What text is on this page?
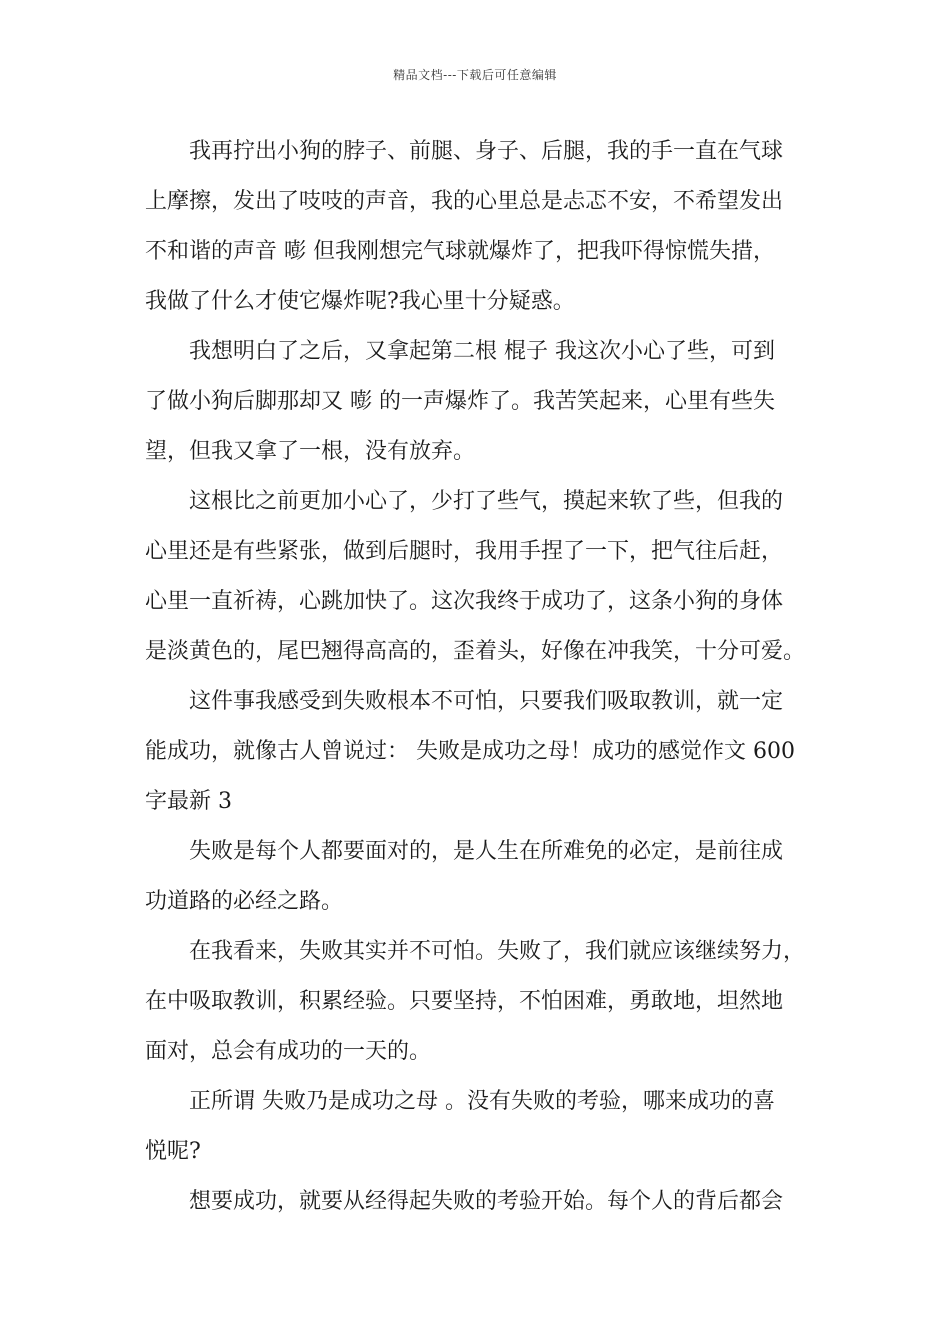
精品文档---下载后可任意编辑
我再拧出小狗的脖子、前腿、身子、后腿，我的手一直在气球
上摩擦，发出了吱吱的声音，我的心里总是忐忑不安，不希望发出
不和谐的声音 嘭 但我刚想完气球就爆炸了，把我吓得惊慌失措，
我做了什么才使它爆炸呢?我心里十分疑惑。
我想明白了之后，又拿起第二根 棍子 我这次小心了些，可到
了做小狗后脚那却又 嘭 的一声爆炸了。我苦笑起来，心里有些失
望，但我又拿了一根，没有放弃。
这根比之前更加小心了，少打了些气，摸起来软了些，但我的
心里还是有些紧张，做到后腿时，我用手捏了一下，把气往后赶，
心里一直祈祷，心跳加快了。这次我终于成功了，这条小狗的身体
是淡黄色的，尾巴翘得高高的，歪着头，好像在冲我笑，十分可爱。
这件事我感受到失败根本不可怕，只要我们吸取教训，就一定
能成功，就像古人曾说过： 失败是成功之母！成功的感觉作文 600
字最新 3
失败是每个人都要面对的，是人生在所难免的必定，是前往成
功道路的必经之路。
在我看来，失败其实并不可怕。失败了，我们就应该继续努力，
在中吸取教训，积累经验。只要坚持，不怕困难，勇敢地，坦然地
面对，总会有成功的一天的。
正所谓 失败乃是成功之母 。没有失败的考验，哪来成功的喜
悦呢?
想要成功，就要从经得起失败的考验开始。每个人的背后都会
